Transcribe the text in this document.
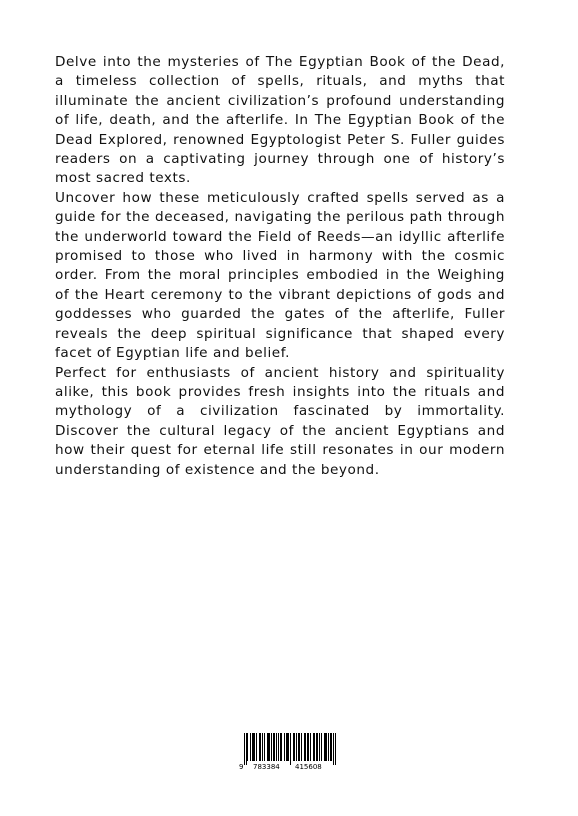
Delve into the mysteries of The Egyptian Book of the Dead, a timeless collection of spells, rituals, and myths that illuminate the ancient civilization’s profound understanding of life, death, and the afterlife. In The Egyptian Book of the Dead Explored, renowned Egyptologist Peter S. Fuller guides readers on a captivating journey through one of history’s most sacred texts.

Uncover how these meticulously crafted spells served as a guide for the deceased, navigating the perilous path through the underworld toward the Field of Reeds—an idyllic afterlife promised to those who lived in harmony with the cosmic order. From the moral principles embodied in the Weighing of the Heart ceremony to the vibrant depictions of gods and goddesses who guarded the gates of the afterlife, Fuller reveals the deep spiritual significance that shaped every facet of Egyptian life and belief.

Perfect for enthusiasts of ancient history and spirituality alike, this book provides fresh insights into the rituals and mythology of a civilization fascinated by immortality. Discover the cultural legacy of the ancient Egyptians and how their quest for eternal life still resonates in our modern understanding of existence and the beyond.

9 783384 415608
